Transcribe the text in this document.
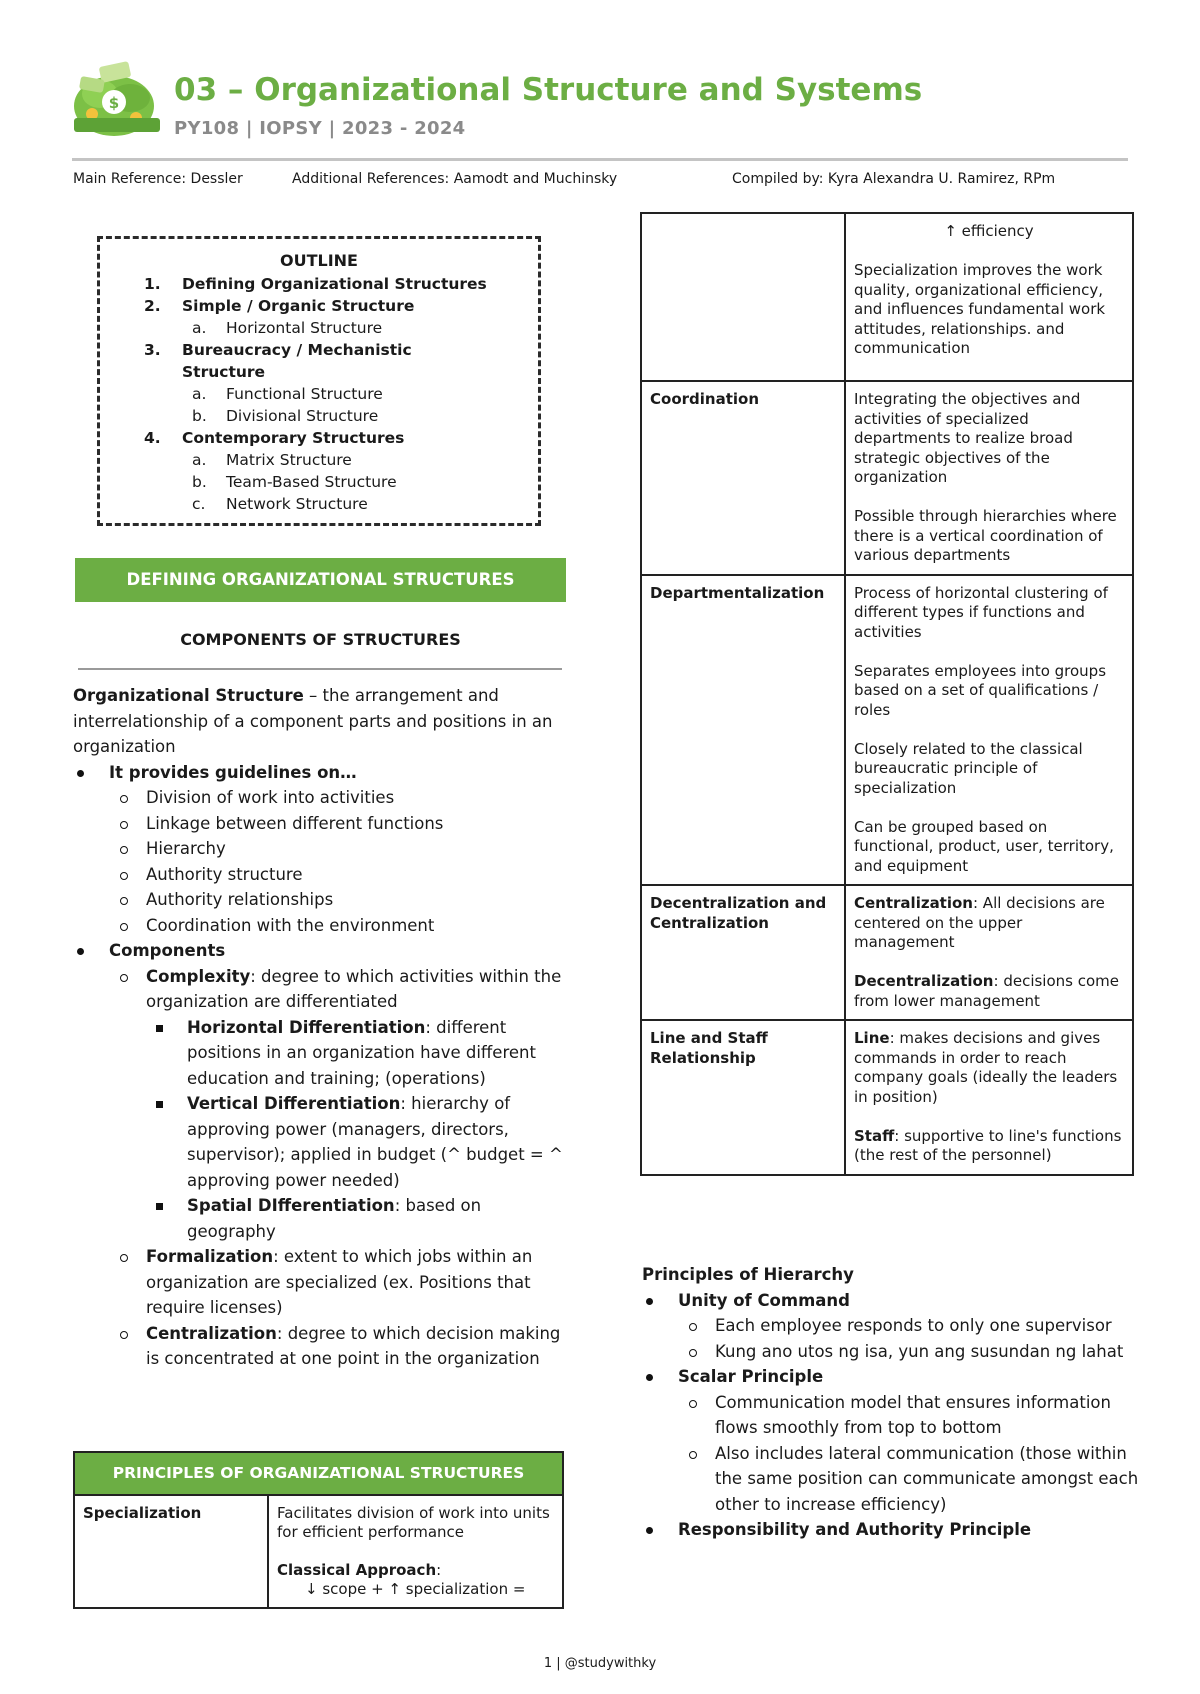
$ 03 – Organizational Structure and Systems
PY108 | IOPSY | 2023 - 2024
Main Reference: Dessler	Additional References: Aamodt and Muchinsky	Compiled by: Kyra Alexandra U. Ramirez, RPm
OUTLINE
1. Defining Organizational Structures
2. Simple / Organic Structure
a. Horizontal Structure
3. Bureaucracy / Mechanistic
Structure
a. Functional Structure
b. Divisional Structure
4. Contemporary Structures
a. Matrix Structure
b. Team-Based Structure
c. Network Structure
DEFINING ORGANIZATIONAL STRUCTURES
COMPONENTS OF STRUCTURES
Organizational Structure – the arrangement and interrelationship of a component parts and positions in an organization
It provides guidelines on…
Division of work into activities
Linkage between different functions
Hierarchy
Authority structure
Authority relationships
Coordination with the environment
Components
Complexity: degree to which activities within the organization are differentiated
Horizontal Differentiation: different positions in an organization have different education and training; (operations)
Vertical Differentiation: hierarchy of approving power (managers, directors, supervisor); applied in budget (^ budget = ^ approving power needed)
Spatial DIfferentiation: based on geography
Formalization: extent to which jobs within an organization are specialized (ex. Positions that require licenses)
Centralization: degree to which decision making is concentrated at one point in the organization
PRINCIPLES OF ORGANIZATIONAL STRUCTURES
Specialization	Facilitates division of work into units for efficient performance
Classical Approach:
↓ scope + ↑ specialization =

	↑ efficiency

Specialization improves the work quality, organizational efficiency, and influences fundamental work attitudes, relationships. and communication

Coordination	Integrating the objectives and activities of specialized departments to realize broad strategic objectives of the organization

Possible through hierarchies where there is a vertical coordination of various departments

Departmentalization	Process of horizontal clustering of different types if functions and activities

Separates employees into groups based on a set of qualifications / roles

Closely related to the classical bureaucratic principle of specialization

Can be grouped based on functional, product, user, territory, and equipment

Decentralization and Centralization	Centralization: All decisions are centered on the upper management

Decentralization: decisions come from lower management

Line and Staff Relationship	Line: makes decisions and gives commands in order to reach company goals (ideally the leaders in position)

Staff: supportive to line's functions (the rest of the personnel)

Principles of Hierarchy
Unity of Command
Each employee responds to only one supervisor
Kung ano utos ng isa, yun ang susundan ng lahat
Scalar Principle
Communication model that ensures information flows smoothly from top to bottom
Also includes lateral communication (those within the same position can communicate amongst each other to increase efficiency)
Responsibility and Authority Principle
1 | @studywithky
